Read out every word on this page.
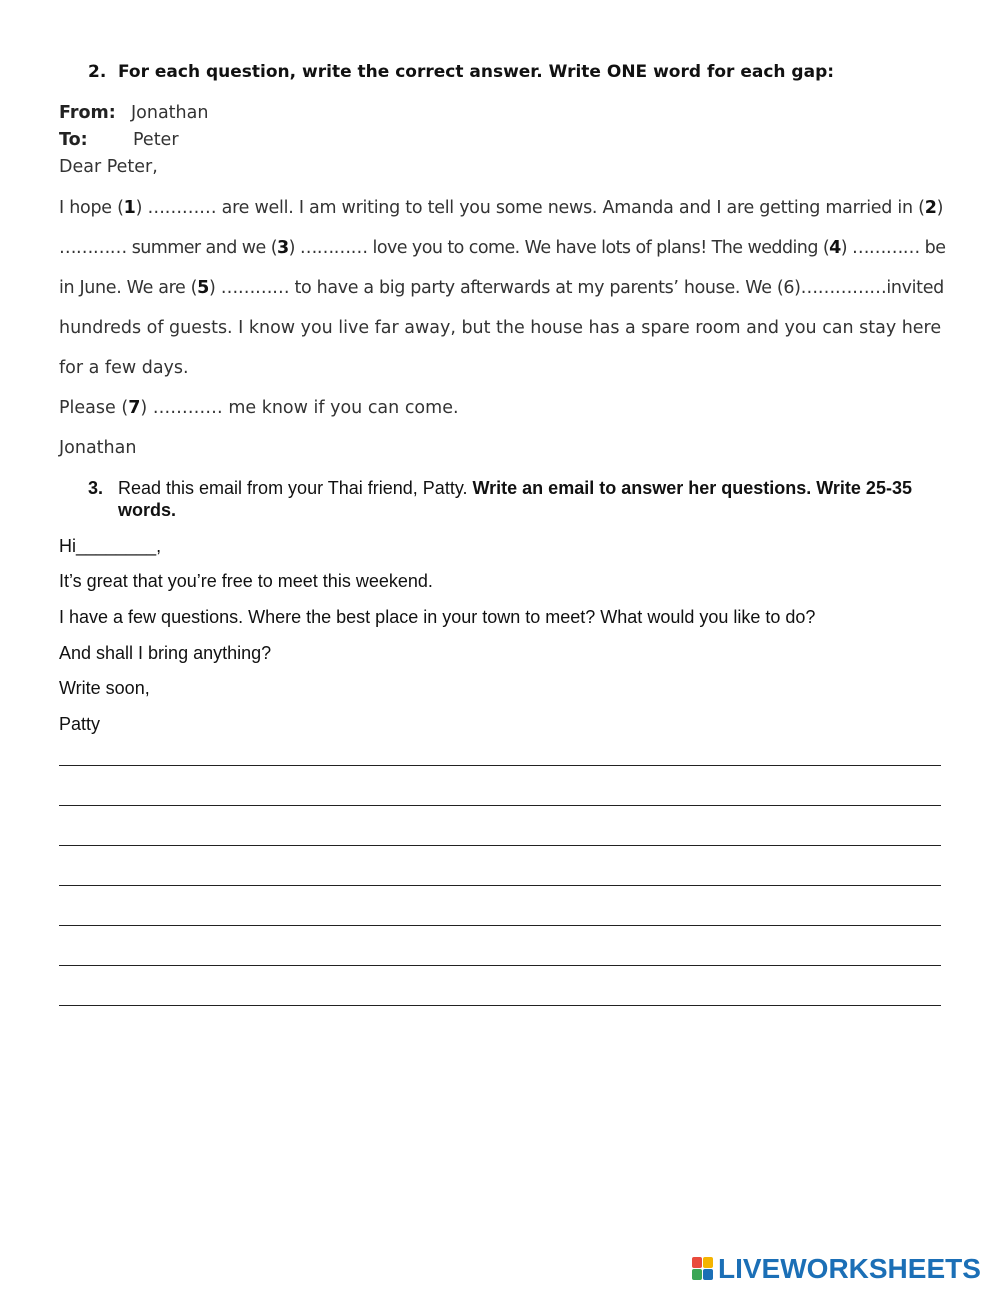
2. For each question, write the correct answer. Write ONE word for each gap:
From: Jonathan
To:	Peter
Dear Peter,
I hope (1) ………… are well. I am writing to tell you some news. Amanda and I are getting married in (2)
………… summer and we (3) ………… love you to come. We have lots of plans! The wedding (4) ………… be
in June. We are (5) ………… to have a big party afterwards at my parents’ house. We (6)……………invited
hundreds of guests. I know you live far away, but the house has a spare room and you can stay here
for a few days.
Please (7) ………… me know if you can come.
Jonathan
3. Read this email from your Thai friend, Patty. Write an email to answer her questions. Write 25-35 words.
Hi________,
It’s great that you’re free to meet this weekend.
I have a few questions. Where the best place in your town to meet? What would you like to do?
And shall I bring anything?
Write soon,
Patty
LIVEWORKSHEETS
